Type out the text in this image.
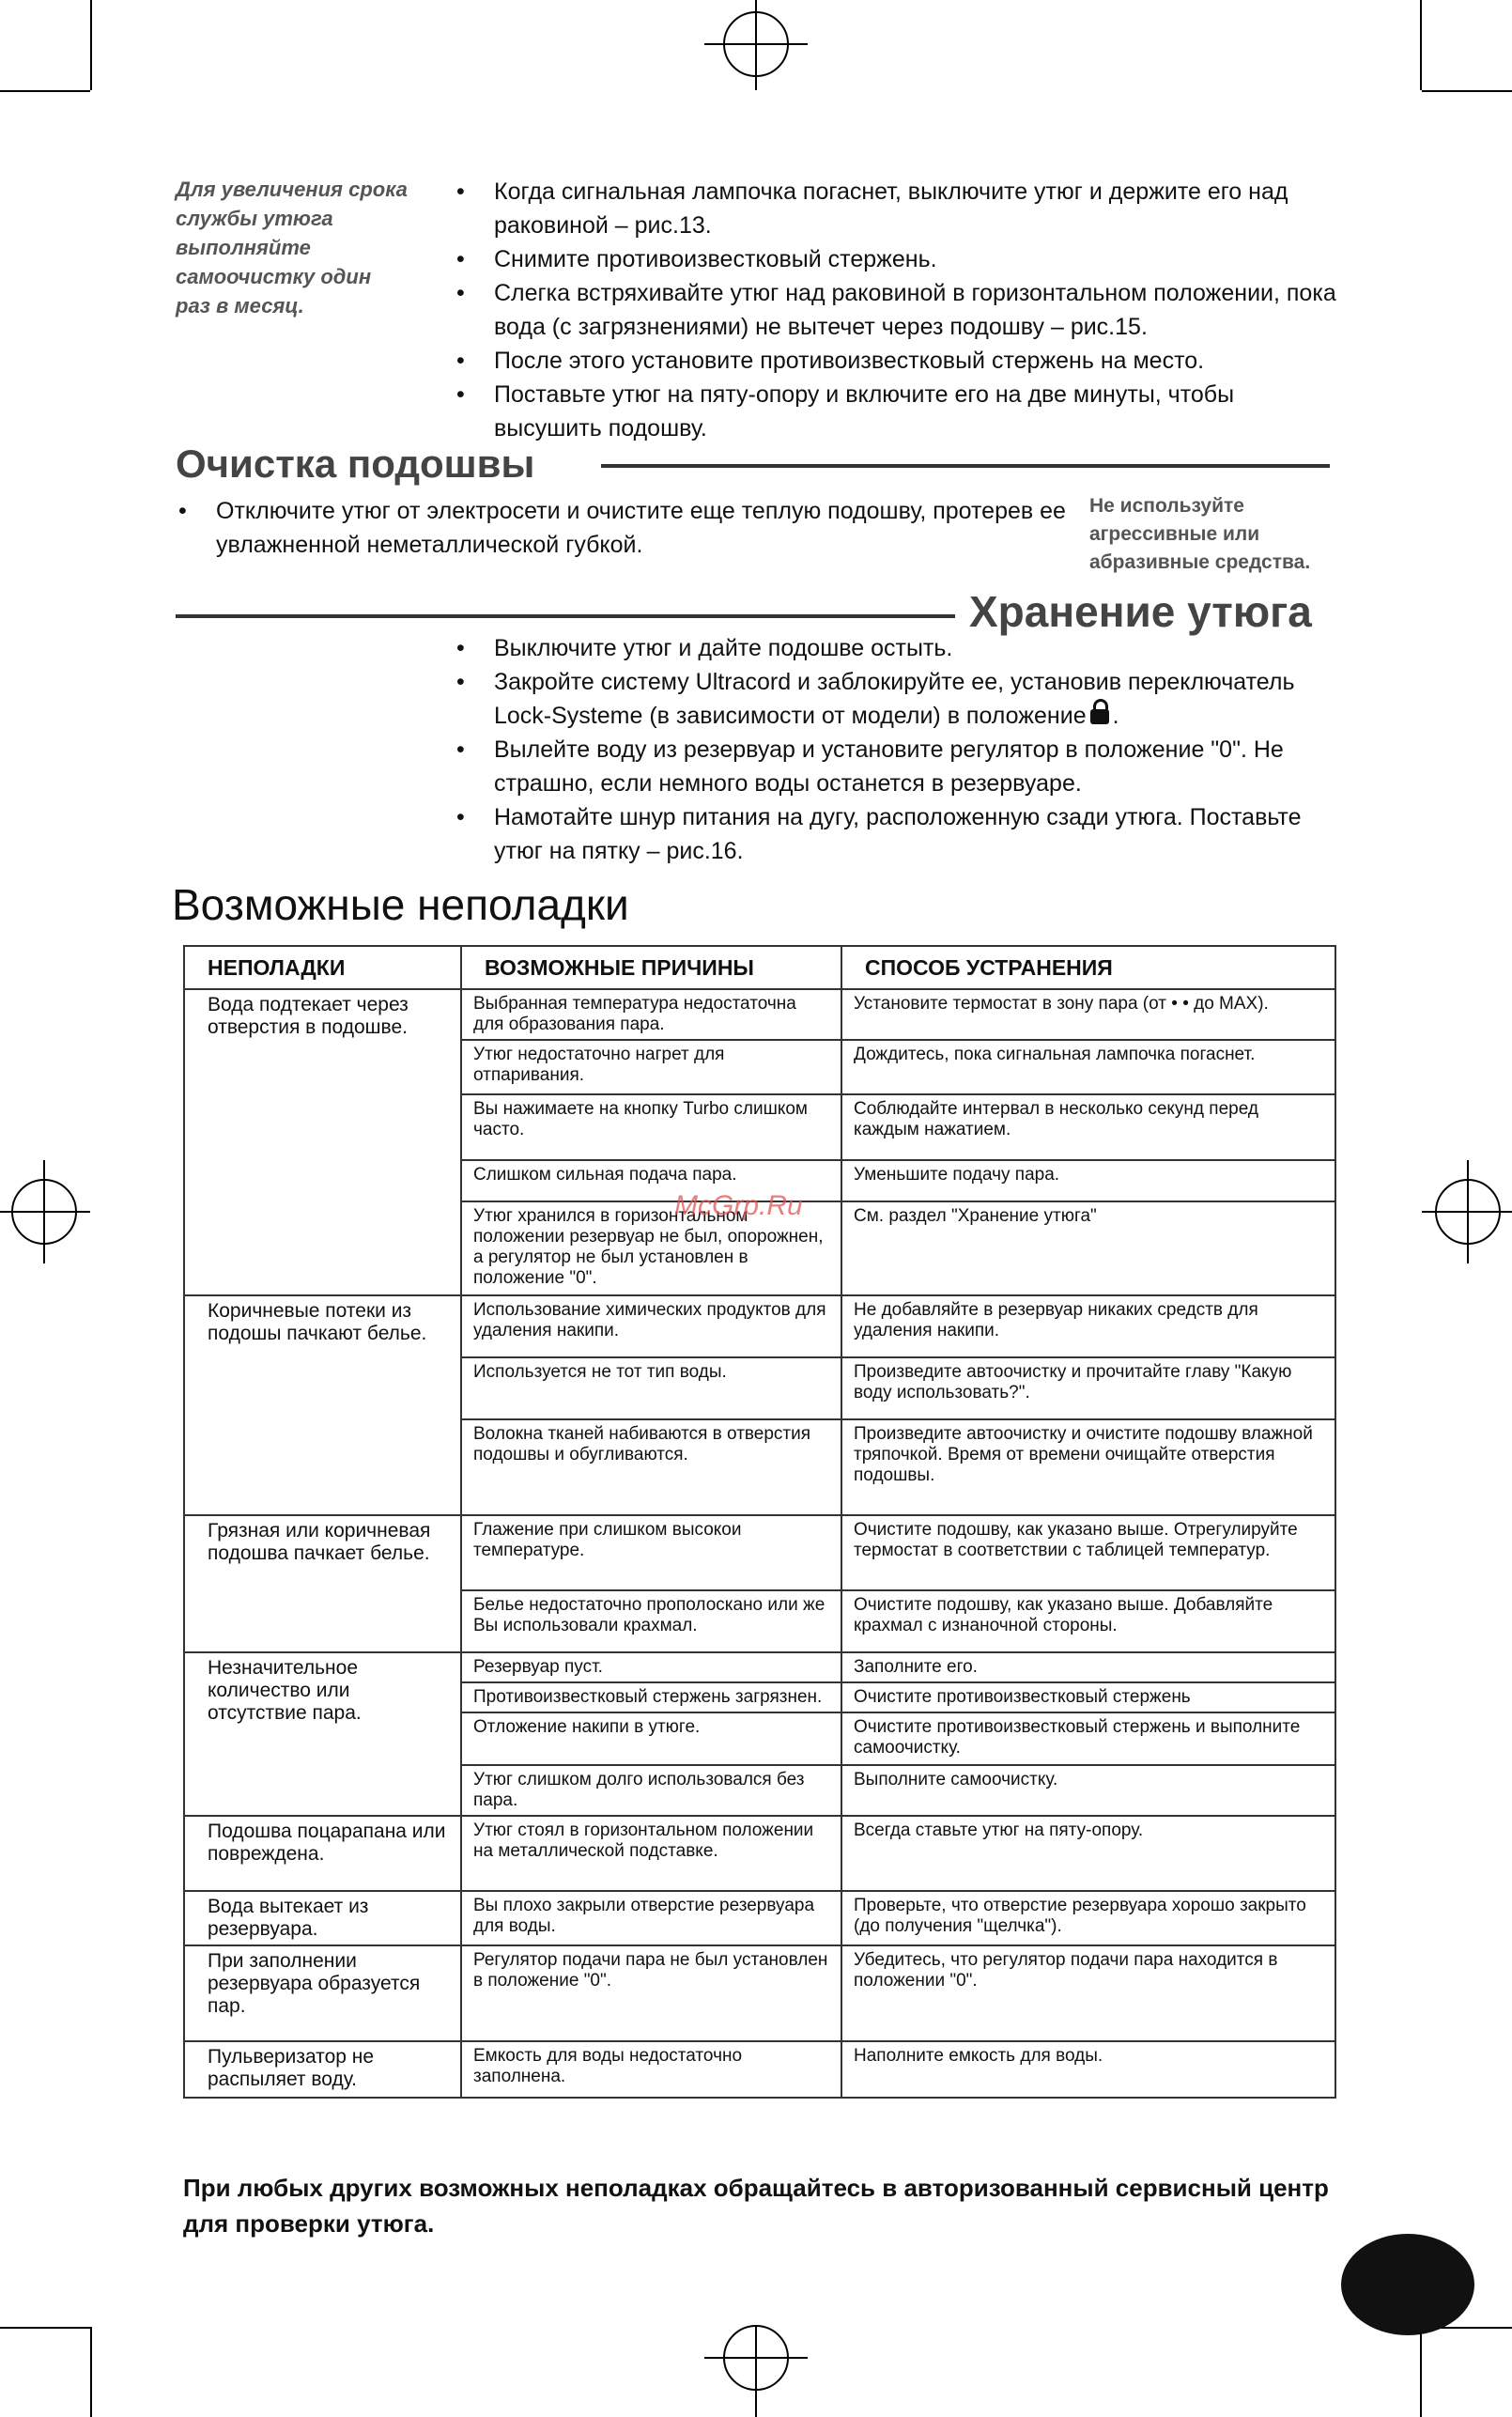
Для увеличения срока
службы утюга
выполняйте
самоочистку один
раз в месяц.
• Когда сигнальная лампочка погаснет, выключите утюг и держите его над раковиной – рис.13.
• Снимите противоизвестковый стержень.
• Слегка встряхивайте утюг над раковиной в горизонтальном положении, пока вода (с загрязнениями) не вытечет через подошву – рис.15.
• После этого установите противоизвестковый стержень на место.
• Поставьте утюг на пяту-опору и включите его на две минуты, чтобы высушить подошву.
Очистка подошвы
• Отключите утюг от электросети и очистите еще теплую подошву, протерев ее увлажненной неметаллической губкой.
Не используйте
агрессивные или
абразивные средства.
Хранение утюга
• Выключите утюг и дайте подошве остыть.
• Закройте систему Ultracord и заблокируйте ее, установив переключатель Lock-Systeme (в зависимости от модели) в положение .
• Вылейте воду из резервуар и установите регулятор в положение "0". Не страшно, если немного воды останется в резервуаре.
• Намотайте шнур питания на дугу, расположенную сзади утюга. Поставьте утюг на пятку – рис.16.
Возможные неполадки
НЕПОЛАДКИ	ВОЗМОЖНЫЕ ПРИЧИНЫ	СПОСОБ УСТРАНЕНИЯ
Вода подтекает через отверстия в подошве.	Выбранная температура недостаточна для образования пара.	Установите термостат в зону пара (от • • до MAX).
	Утюг недостаточно нагрет для отпаривания.	Дождитесь, пока сигнальная лампочка погаснет.
	Вы нажимаете на кнопку Turbo слишком часто.	Соблюдайте интервал в несколько секунд перед каждым нажатием.
	Слишком сильная подача пара.	Уменьшите подачу пара.
	Утюг хранился в горизонтальном положении резервуар не был, опорожнен, а регулятор не был установлен в положение "0".	См. раздел "Хранение утюга"
Коричневые потеки из подошы пачкают белье.	Использование химических продуктов для удаления накипи.	Не добавляйте в резервуар никаких средств для удаления накипи.
	Используется не тот тип воды.	Произведите автоочистку и прочитайте главу "Какую воду использовать?".
	Волокна тканей набиваются в отверстия подошвы и обугливаются.	Произведите автоочистку и очистите подошву влажной тряпочкой. Время от времени очищайте отверстия подошвы.
Грязная или коричневая подошва пачкает белье.	Глажение при слишком высокои температуре.	Очистите подошву, как указано выше. Отрегулируйте термостат в соответствии с таблицей температур.
	Белье недостаточно прополоскано или же Вы использовали крахмал.	Очистите подошву, как указано выше. Добавляйте крахмал с изнаночной стороны.
Незначительное количество или отсутствие пара.	Резервуар пуст.	Заполните его.
	Противоизвестковый стержень загрязнен.	Очистите противоизвестковый стержень
	Отложение накипи в утюге.	Очистите противоизвестковый стержень и выполните самоочистку.
	Утюг слишком долго использовался без пара.	Выполните самоочистку.
Подошва поцарапана или повреждена.	Утюг стоял в горизонтальном положении на металлической подставке.	Всегда ставьте утюг на пяту-опору.
Вода вытекает из резервуара.	Вы плохо закрыли отверстие резервуара для воды.	Проверьте, что отверстие резервуара хорошо закрыто (до получения "щелчка").
При заполнении резервуара образуется пар.	Регулятор подачи пара не был установлен в положение "0".	Убедитесь, что регулятор подачи пара находится в положении "0".
Пульверизатор не распыляет воду.	Емкость для воды недостаточно заполнена.	Наполните емкость для воды.
McGrp.Ru
При любых других возможных неполадках обращайтесь в авторизованный сервисный центр для проверки утюга.
